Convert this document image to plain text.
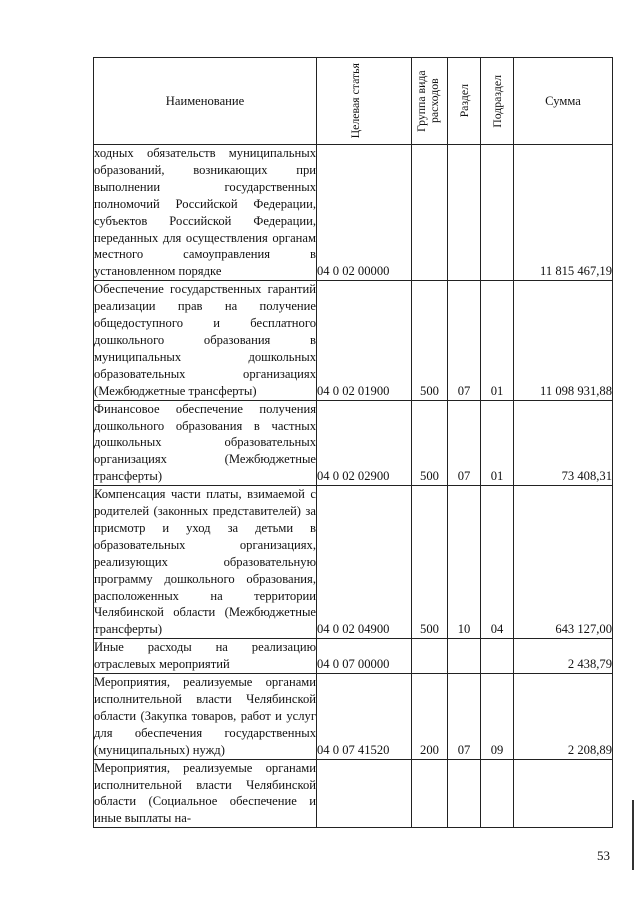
Наименование	Целевая статья	Группа вида расходов	Раздел	Подраздел	Сумма
ходных обязательств муниципальных образований, возникающих при выполнении государственных полномочий Российской Федерации, субъектов Российской Федерации, переданных для осуществления органам местного самоуправления в установленном порядке	04 0 02 00000				11 815 467,19
Обеспечение государственных гарантий реализации прав на получение общедоступного и бесплатного дошкольного образования в муниципальных дошкольных образовательных организациях (Межбюджетные трансферты)	04 0 02 01900	500	07	01	11 098 931,88
Финансовое обеспечение получения дошкольного образования в частных дошкольных образовательных организациях (Межбюджетные трансферты)	04 0 02 02900	500	07	01	73 408,31
Компенсация части платы, взимаемой с родителей (законных представителей) за присмотр и уход за детьми в образовательных организациях, реализующих образовательную программу дошкольного образования, расположенных на территории Челябинской области (Межбюджетные трансферты)	04 0 02 04900	500	10	04	643 127,00
Иные расходы на реализацию отраслевых мероприятий	04 0 07 00000				2 438,79
Мероприятия, реализуемые органами исполнительной власти Челябинской области (Закупка товаров, работ и услуг для обеспечения государственных (муниципальных) нужд)	04 0 07 41520	200	07	09	2 208,89
Мероприятия, реализуемые органами исполнительной власти Челябинской области (Социальное обеспечение и иные выплаты на-					
53
